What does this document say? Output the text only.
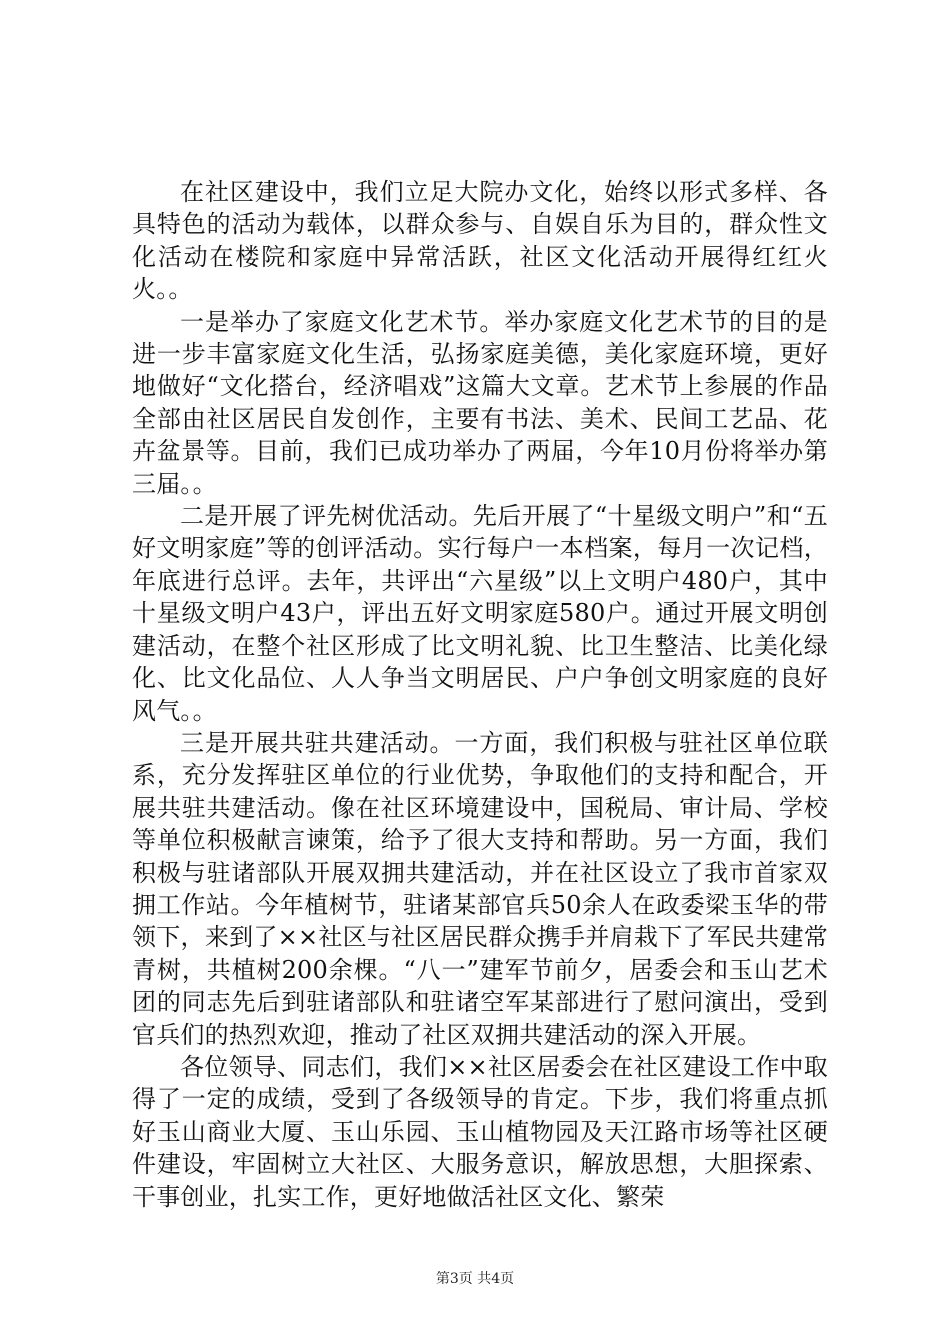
在社区建设中，我们立足大院办文化，始终以形式多样、各具特色的活动为载体，以群众参与、自娱自乐为目的，群众性文化活动在楼院和家庭中异常活跃，社区文化活动开展得红红火火。。

一是举办了家庭文化艺术节。举办家庭文化艺术节的目的是进一步丰富家庭文化生活，弘扬家庭美德，美化家庭环境，更好地做好“文化搭台，经济唱戏”这篇大文章。艺术节上参展的作品全部由社区居民自发创作，主要有书法、美术、民间工艺品、花卉盆景等。目前，我们已成功举办了两届，今年10月份将举办第三届。。

二是开展了评先树优活动。先后开展了“十星级文明户”和“五好文明家庭”等的创评活动。实行每户一本档案，每月一次记档，年底进行总评。去年，共评出“六星级”以上文明户480户，其中十星级文明户43户，评出五好文明家庭580户。通过开展文明创建活动，在整个社区形成了比文明礼貌、比卫生整洁、比美化绿化、比文化品位、人人争当文明居民、户户争创文明家庭的良好风气。。

三是开展共驻共建活动。一方面，我们积极与驻社区单位联系，充分发挥驻区单位的行业优势，争取他们的支持和配合，开展共驻共建活动。像在社区环境建设中，国税局、审计局、学校等单位积极献言谏策，给予了很大支持和帮助。另一方面，我们积极与驻诸部队开展双拥共建活动，并在社区设立了我市首家双拥工作站。今年植树节，驻诸某部官兵50余人在政委梁玉华的带领下，来到了××社区与社区居民群众携手并肩栽下了军民共建常青树，共植树200余棵。“八一”建军节前夕，居委会和玉山艺术团的同志先后到驻诸部队和驻诸空军某部进行了慰问演出，受到官兵们的热烈欢迎，推动了社区双拥共建活动的深入开展。

各位领导、同志们，我们××社区居委会在社区建设工作中取得了一定的成绩，受到了各级领导的肯定。下步，我们将重点抓好玉山商业大厦、玉山乐园、玉山植物园及天江路市场等社区硬件建设，牢固树立大社区、大服务意识，解放思想，大胆探索、干事创业，扎实工作，更好地做活社区文化、繁荣

第3页 共4页
